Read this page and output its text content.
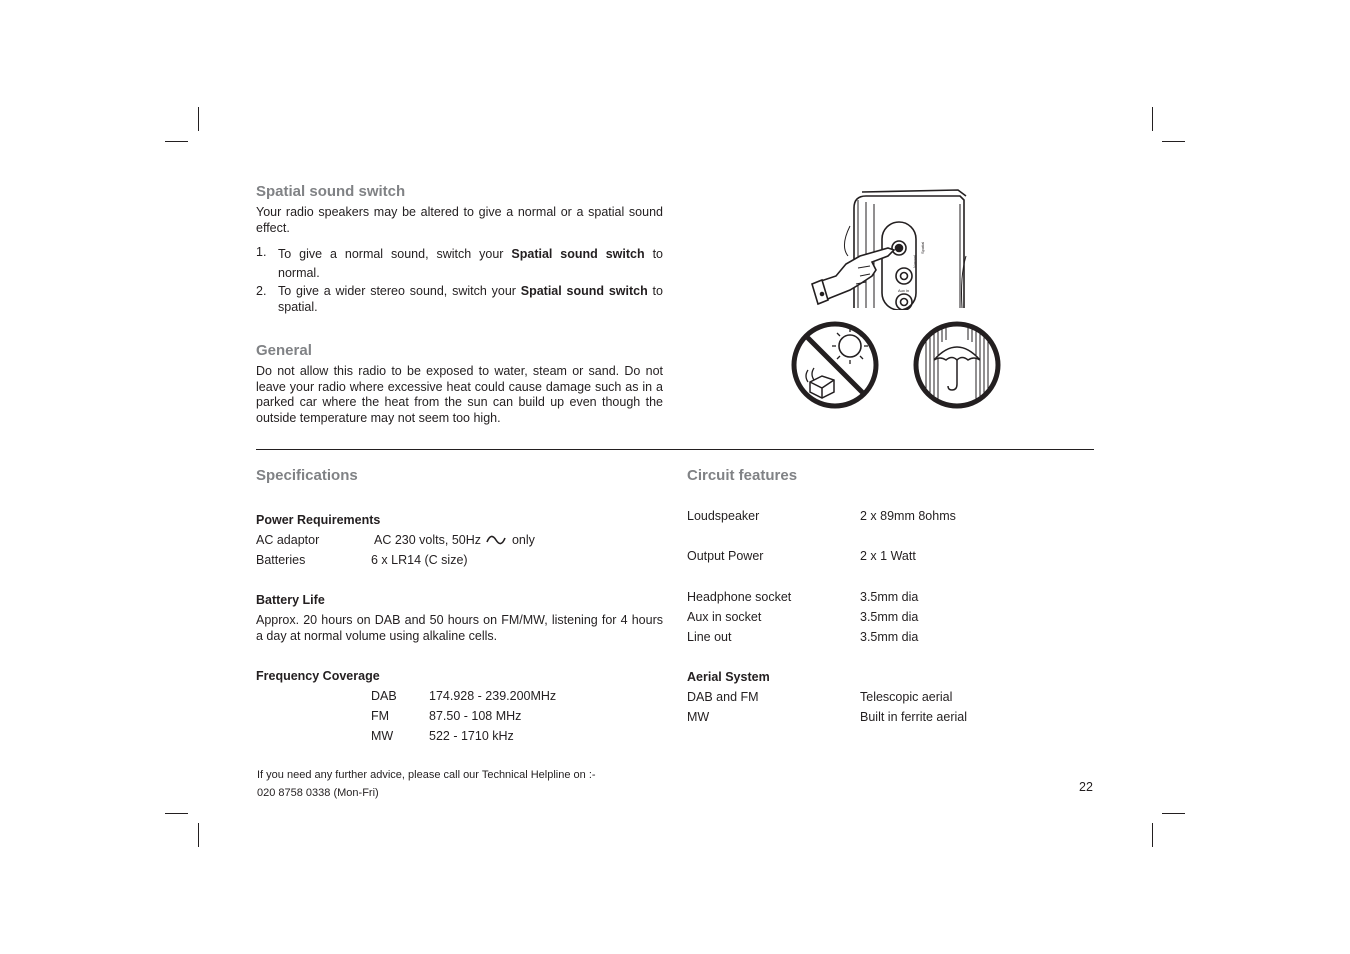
Spatial sound switch
Your radio speakers may be altered to give a normal or a spatial sound effect.
1. To give a normal sound, switch your Spatial sound switch to normal.
2. To give a wider stereo sound, switch your Spatial sound switch to spatial.
General
Do not allow this radio to be exposed to water, steam or sand. Do not leave your radio where excessive heat could cause damage such as in a parked car where the heat from the sun can build up even though the outside temperature may not seem too high.
Normal
Spatial
Aux in
Specifications
Power Requirements
AC adaptor	AC 230 volts, 50Hz only
Batteries	6 x LR14 (C size)
Battery Life
Approx. 20 hours on DAB and 50 hours on FM/MW, listening for 4 hours a day at normal volume using alkaline cells.
Frequency Coverage
DAB	174.928 - 239.200MHz
FM	87.50 - 108 MHz
MW	522 - 1710 kHz
Circuit features
Loudspeaker	2 x 89mm 8ohms
Output Power	2 x 1 Watt
Headphone socket	3.5mm dia
Aux in socket	3.5mm dia
Line out	3.5mm dia
Aerial System
DAB and FM	Telescopic aerial
MW	Built in ferrite aerial
If you need any further advice, please call our Technical Helpline on :-
020 8758 0338 (Mon-Fri)	22
